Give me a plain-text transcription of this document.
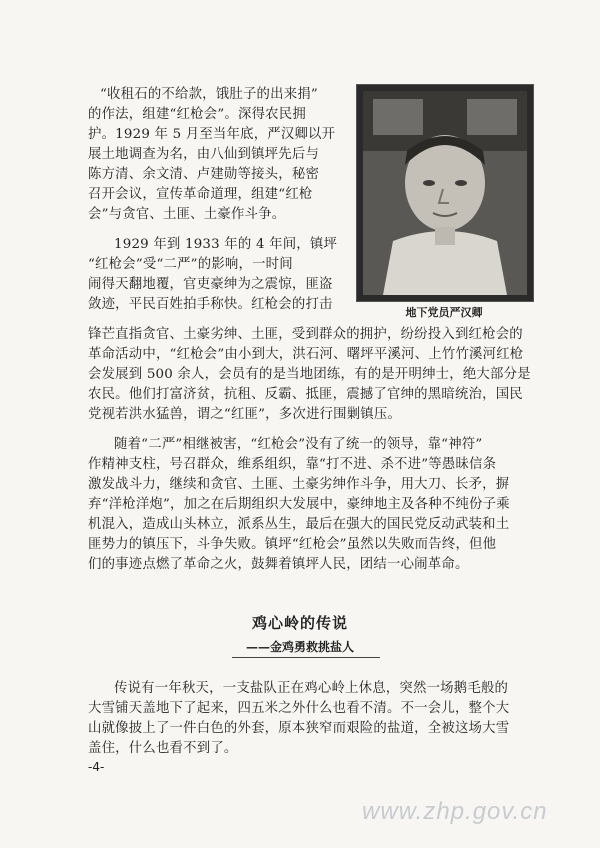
“收租石的不给款，饿肚子的出来捐”
的作法，组建“红枪会”。深得农民拥
护。1929 年 5 月至当年底，严汉卿以开
展土地调查为名，由八仙到镇坪先后与
陈方清、余文清、卢建勋等接头，秘密
召开会议，宣传革命道理，组建“红枪
会”与贪官、土匪、土豪作斗争。
1929 年到 1933 年的 4 年间，镇坪
“红枪会”受“二严”的影响，一时间
闹得天翻地覆，官吏豪绅为之震惊，匪盗
敛迹，平民百姓拍手称快。红枪会的打击
地下党员严汉卿
锋芒直指贪官、土豪劣绅、土匪，受到群众的拥护，纷纷投入到红枪会的
革命活动中，“红枪会”由小到大，洪石河、曙坪平溪河、上竹竹溪河红枪
会发展到 500 余人，会员有的是当地团练，有的是开明绅士，绝大部分是
农民。他们打富济贫，抗租、反霸、抵匪，震撼了官绅的黑暗统治，国民
党视若洪水猛兽，谓之“红匪”，多次进行围剿镇压。
随着“二严”相继被害，“红枪会”没有了统一的领导，靠“神符”
作精神支柱，号召群众，维系组织，靠“打不进、杀不进”等愚昧信条
激发战斗力，继续和贪官、土匪、土豪劣绅作斗争，用大刀、长矛，摒
弃“洋枪洋炮”，加之在后期组织大发展中，豪绅地主及各种不纯份子乘
机混入，造成山头林立，派系丛生，最后在强大的国民党反动武装和土
匪势力的镇压下，斗争失败。镇坪“红枪会”虽然以失败而告终，但他
们的事迹点燃了革命之火，鼓舞着镇坪人民，团结一心闹革命。
鸡心岭的传说
——金鸡勇救挑盐人
传说有一年秋天，一支盐队正在鸡心岭上休息，突然一场鹅毛般的
大雪铺天盖地下了起来，四五米之外什么也看不清。不一会儿，整个大
山就像披上了一件白色的外套，原本狭窄而艰险的盐道，全被这场大雪
盖住，什么也看不到了。
-4-
www.zhp.gov.cn
